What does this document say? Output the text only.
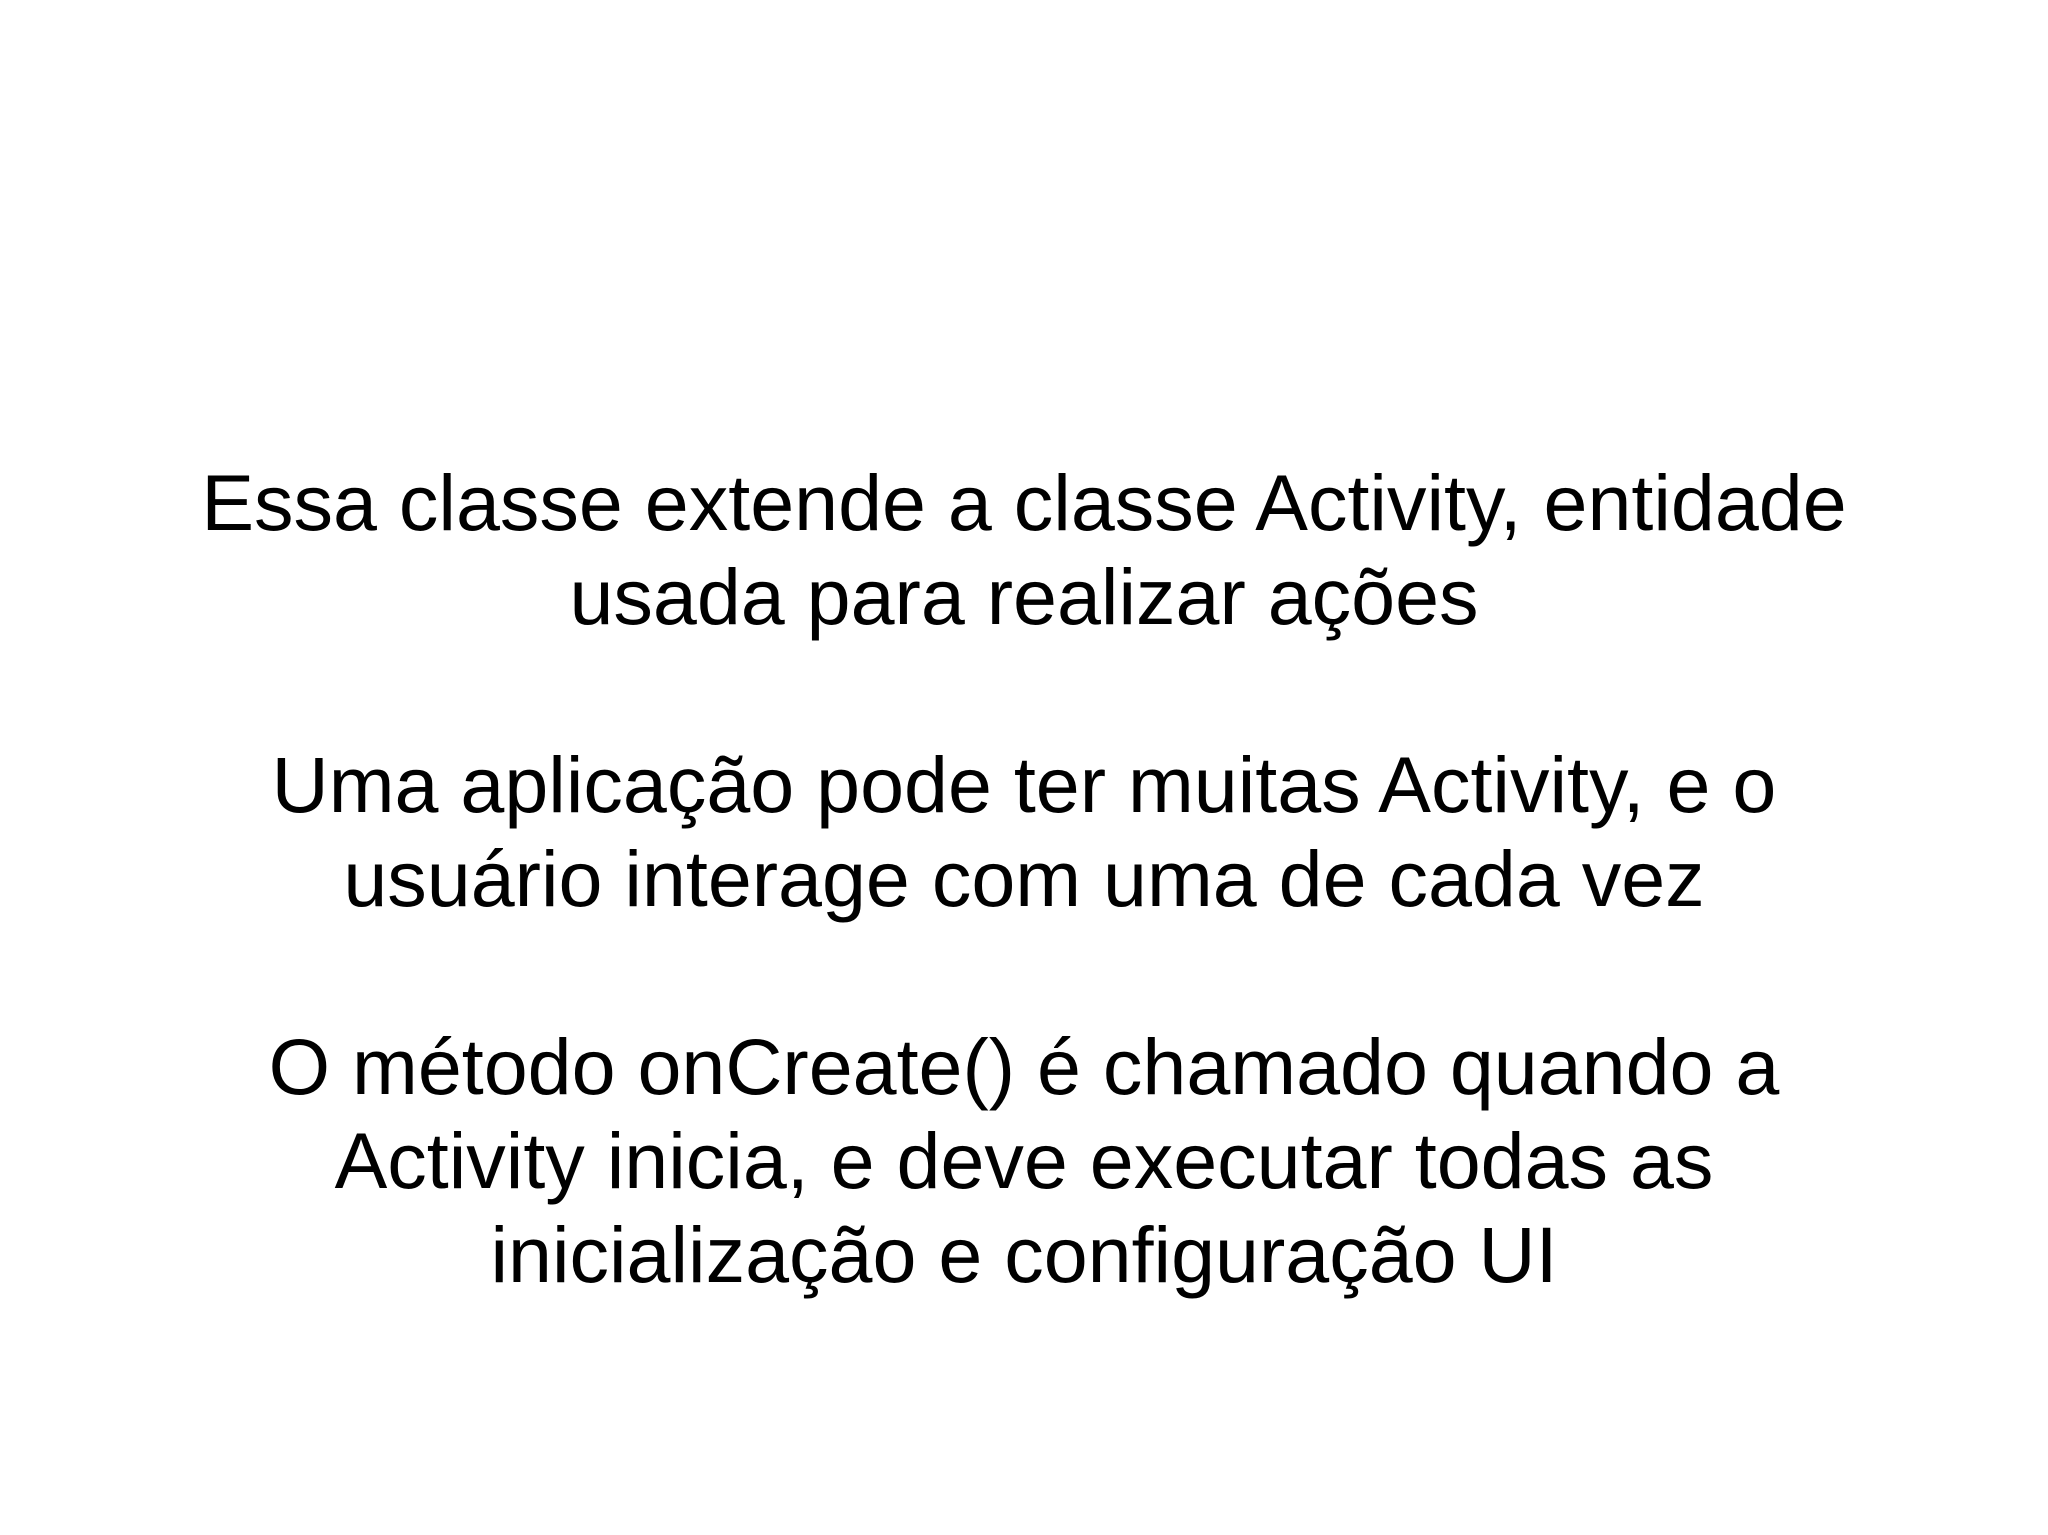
Essa classe extende a classe Activity, entidade
usada para realizar ações

Uma aplicação pode ter muitas Activity, e o
usuário interage com uma de cada vez

O método onCreate() é chamado quando a
Activity inicia, e deve executar todas as
inicialização e configuração UI
